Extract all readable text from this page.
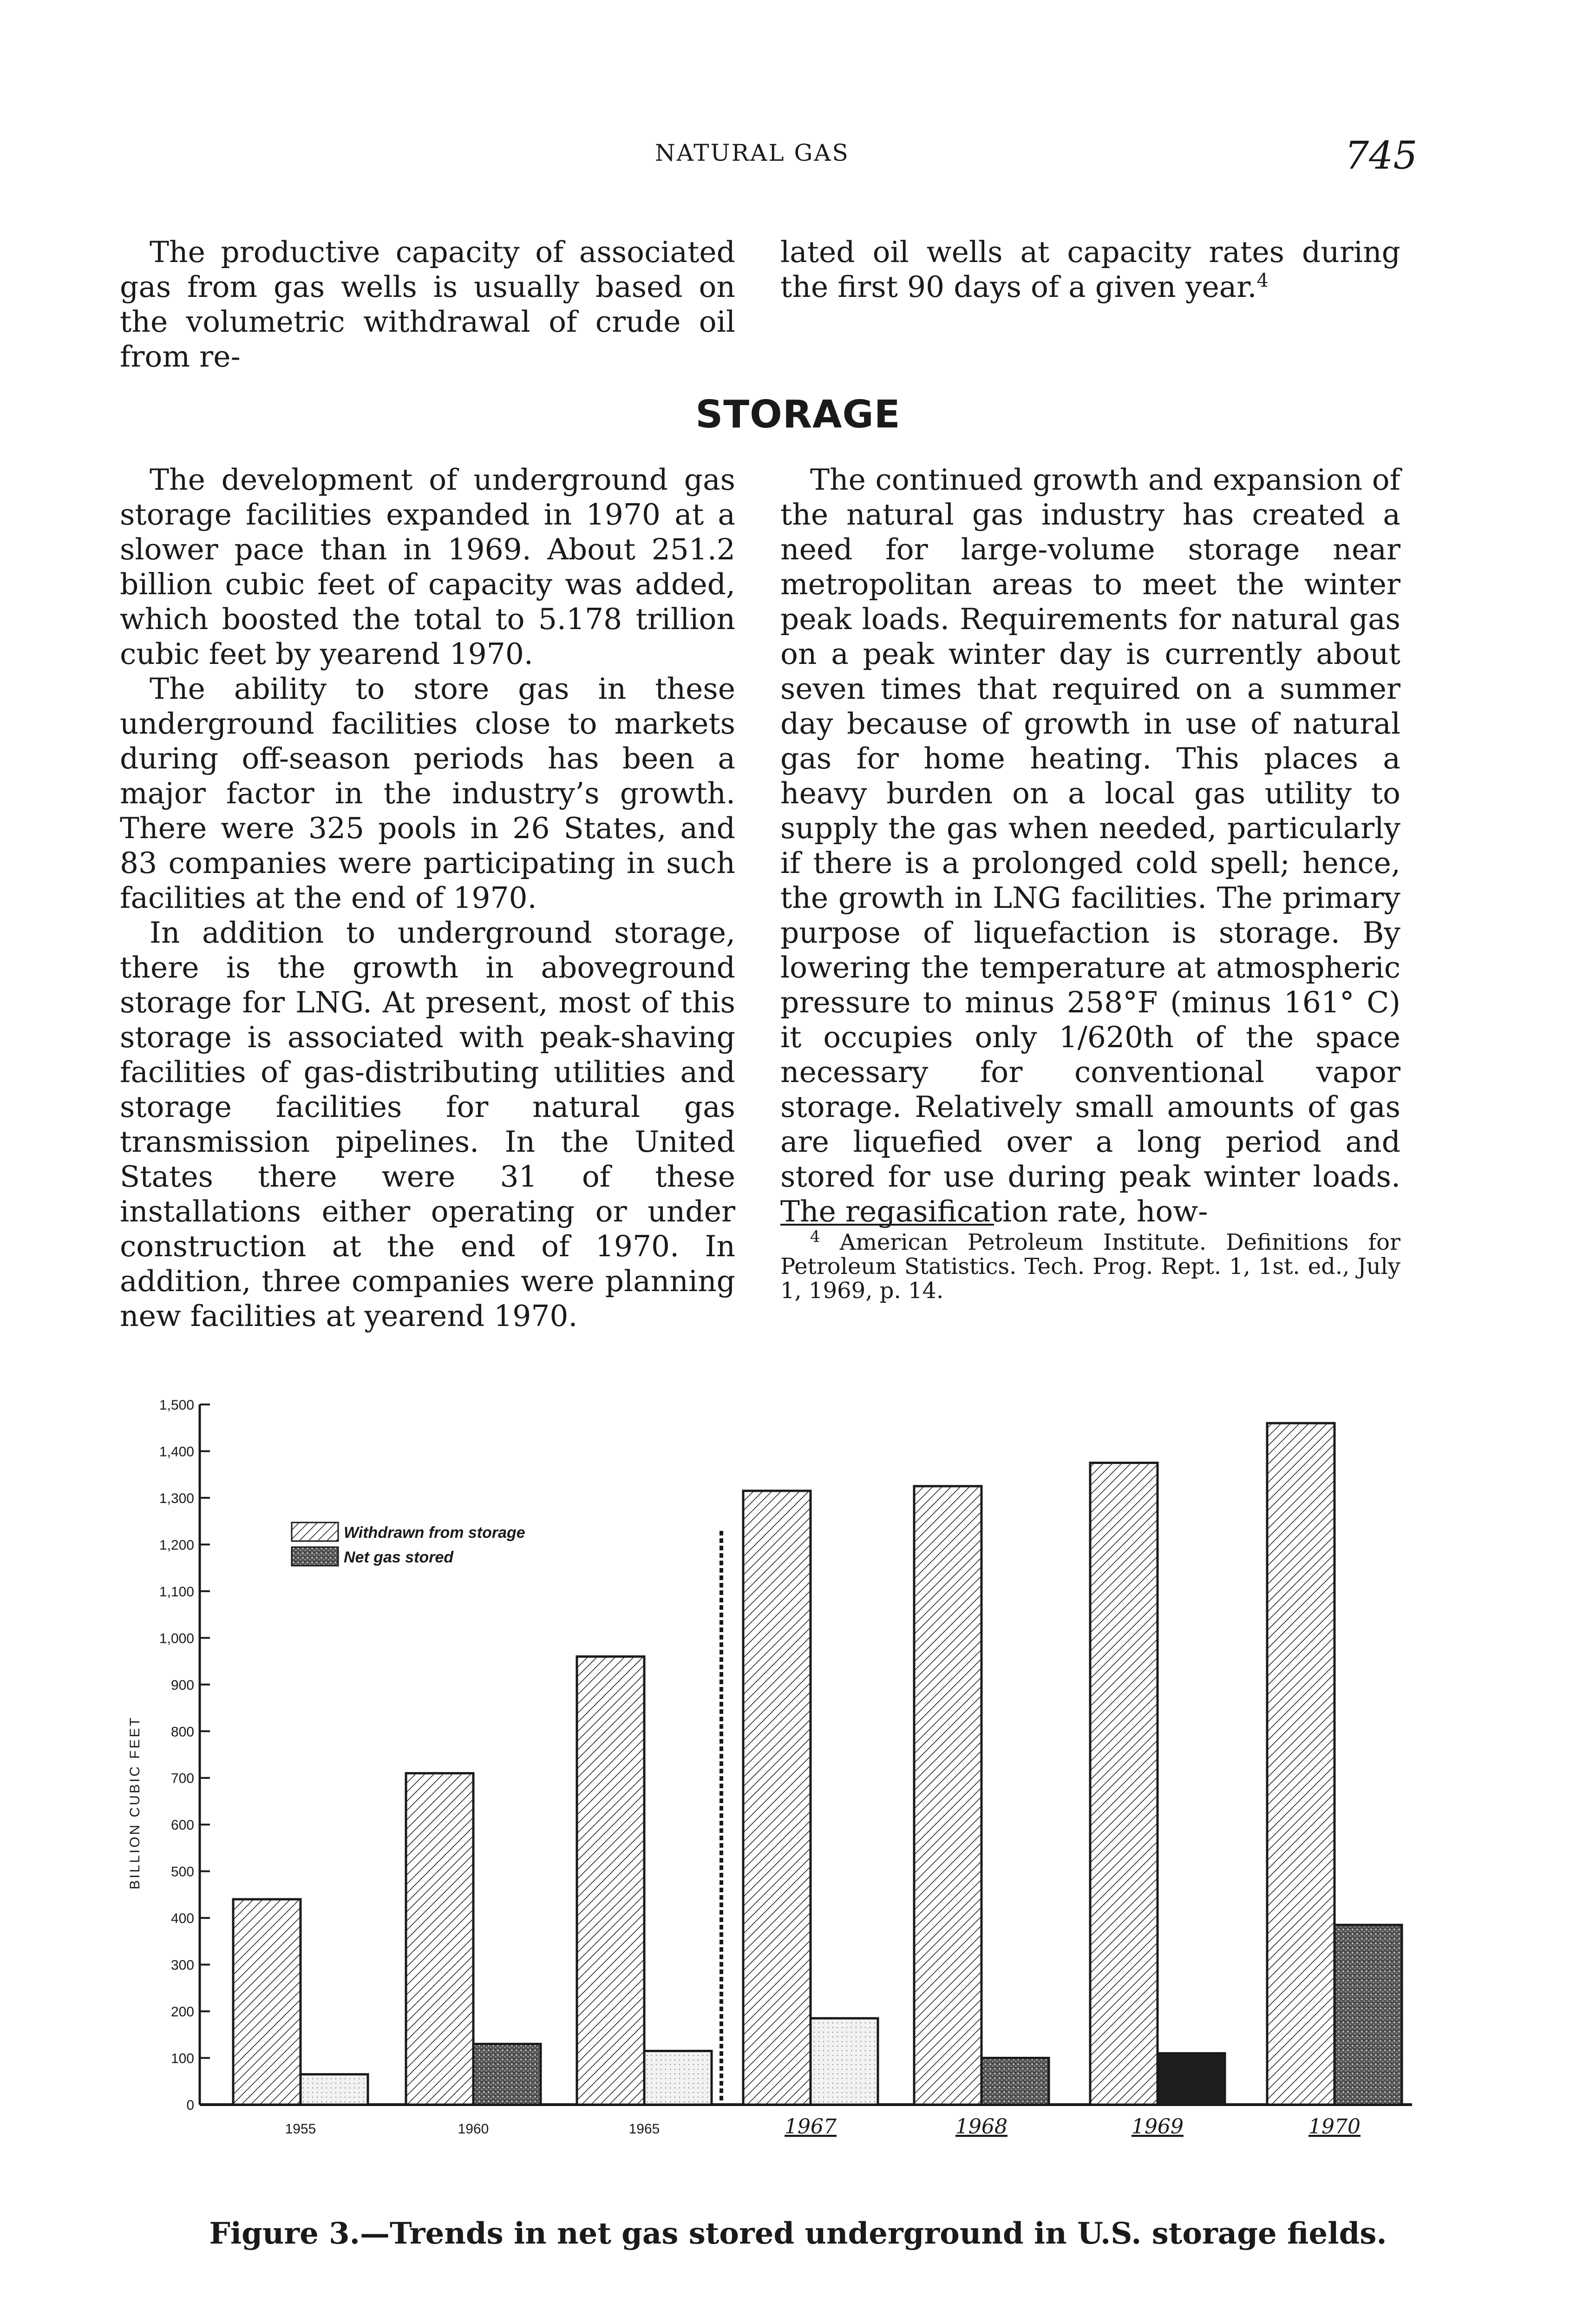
NATURAL GAS	745

The productive capacity of associated gas from gas wells is usually based on the volumetric withdrawal of crude oil from re-

lated oil wells at capacity rates during the first 90 days of a given year.$^4$

STORAGE

The development of underground gas storage facilities expanded in 1970 at a slower pace than in 1969. About 251.2 billion cubic feet of capacity was added, which boosted the total to 5.178 trillion cubic feet by yearend 1970.

The ability to store gas in these underground facilities close to markets during off-season periods has been a major factor in the industry’s growth. There were 325 pools in 26 States, and 83 companies were participating in such facilities at the end of 1970.

In addition to underground storage, there is the growth in aboveground storage for LNG. At present, most of this storage is associated with peak-shaving facilities of gas-distributing utilities and storage facilities for natural gas transmission pipelines. In the United States there were 31 of these installations either operating or under construction at the end of 1970. In addition, three companies were planning new facilities at yearend 1970.

The continued growth and expansion of the natural gas industry has created a need for large-volume storage near metropolitan areas to meet the winter peak loads. Requirements for natural gas on a peak winter day is currently about seven times that required on a summer day because of growth in use of natural gas for home heating. This places a heavy burden on a local gas utility to supply the gas when needed, particularly if there is a prolonged cold spell; hence, the growth in LNG facilities. The primary purpose of liquefaction is storage. By lowering the temperature at atmospheric pressure to minus 258°F (minus 161° C) it occupies only 1/620th of the space necessary for conventional vapor storage. Relatively small amounts of gas are liquefied over a long period and stored for use during peak winter loads. The regasification rate, how-

$^4$ American Petroleum Institute. Definitions for Petroleum Statistics. Tech. Prog. Rept. 1, 1st. ed., July 1, 1969, p. 14.
0
100
200
300
400
500
600
700
800
900
1,000
1,100
1,200
1,300
1,400
1,500
1955	1960	1965	1967	1968	1969	1970
BILLION CUBIC FEET
Withdrawn from storage
Net gas stored
Figure 3.—Trends in net gas stored underground in U.S. storage fields.
